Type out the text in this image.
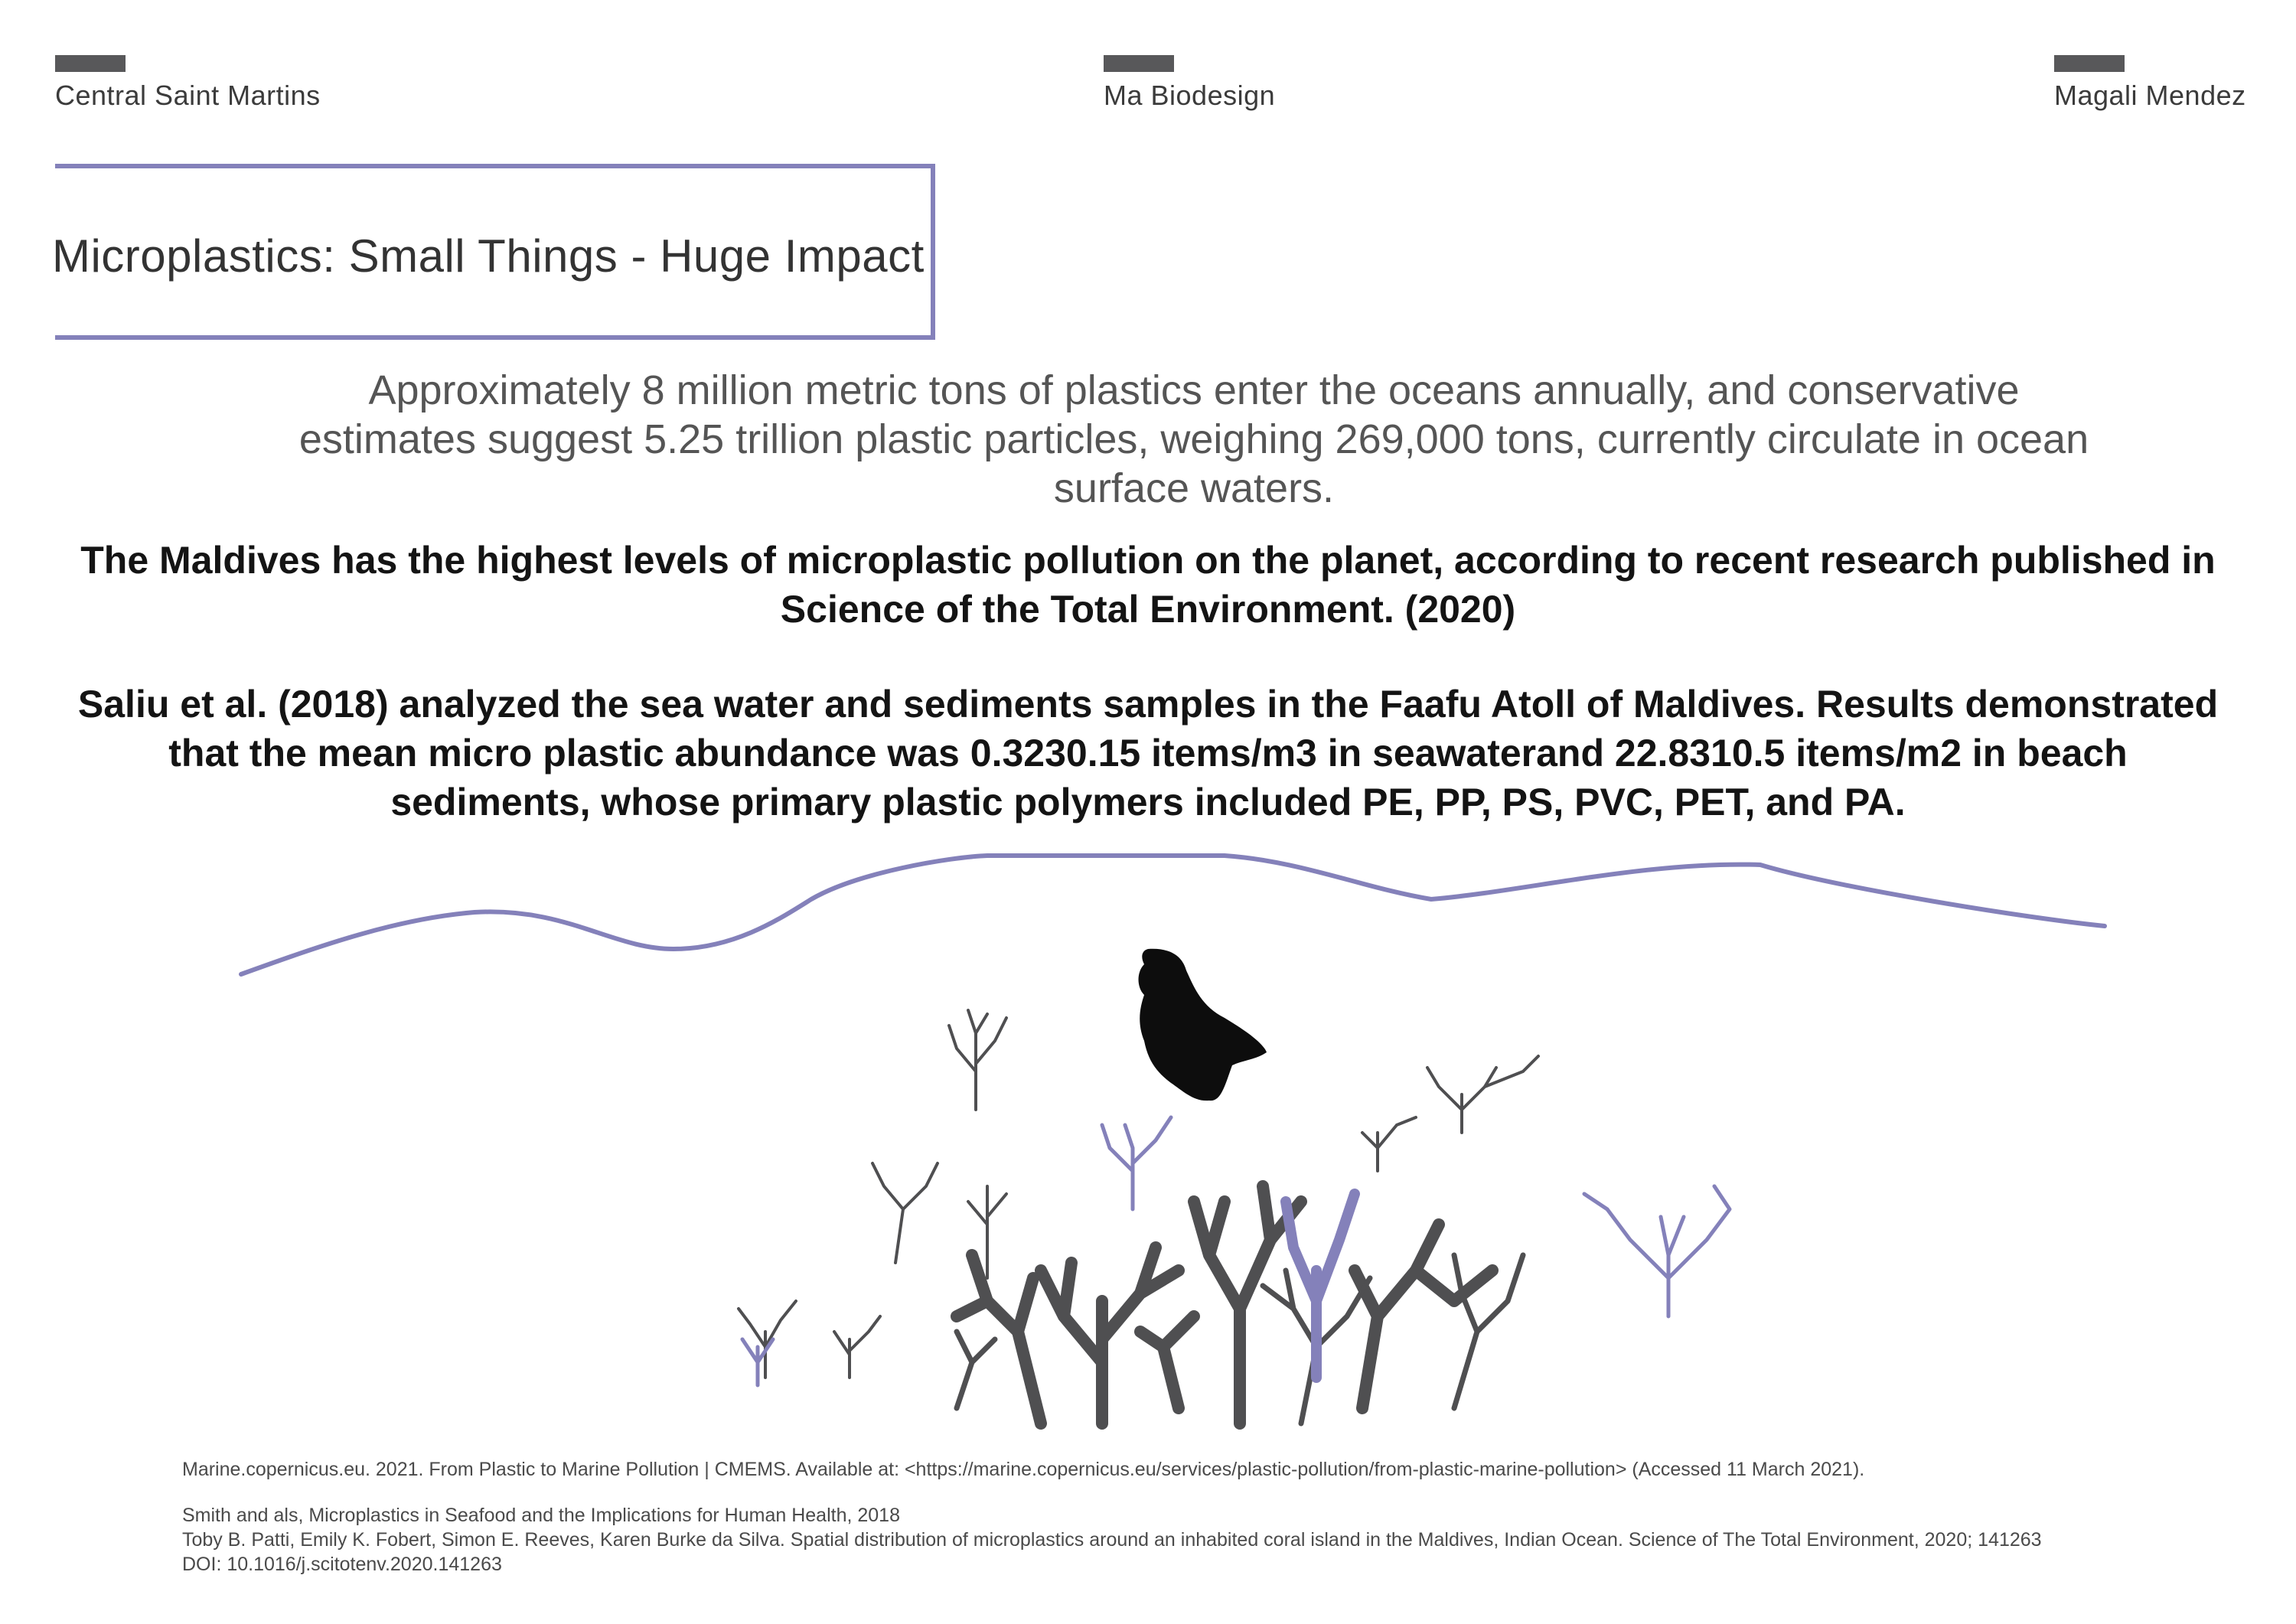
Central Saint Martins	Ma Biodesign	Magali Mendez
Microplastics: Small Things - Huge Impact
Approximately 8 million metric tons of plastics enter the oceans annually, and conservative estimates suggest 5.25 trillion plastic particles, weighing 269,000 tons, currently circulate in ocean surface waters.
The Maldives has the highest levels of microplastic pollution on the planet, according to recent research published in Science of the Total Environment. (2020)
Saliu et al. (2018) analyzed the sea water and sediments samples in the Faafu Atoll of Maldives. Results demonstrated that the mean micro plastic abundance was 0.3230.15 items/m3 in seawaterand 22.8310.5 items/m2 in beach sediments, whose primary plastic polymers included PE, PP, PS, PVC, PET, and PA.
Marine.copernicus.eu. 2021. From Plastic to Marine Pollution | CMEMS. Available at: <https://marine.copernicus.eu/services/plastic-pollution/from-plastic-marine-pollution> (Accessed 11 March 2021).
Smith and als, Microplastics in Seafood and the Implications for Human Health, 2018
Toby B. Patti, Emily K. Fobert, Simon E. Reeves, Karen Burke da Silva. Spatial distribution of microplastics around an inhabited coral island in the Maldives, Indian Ocean. Science of The Total Environment, 2020; 141263
DOI: 10.1016/j.scitotenv.2020.141263
